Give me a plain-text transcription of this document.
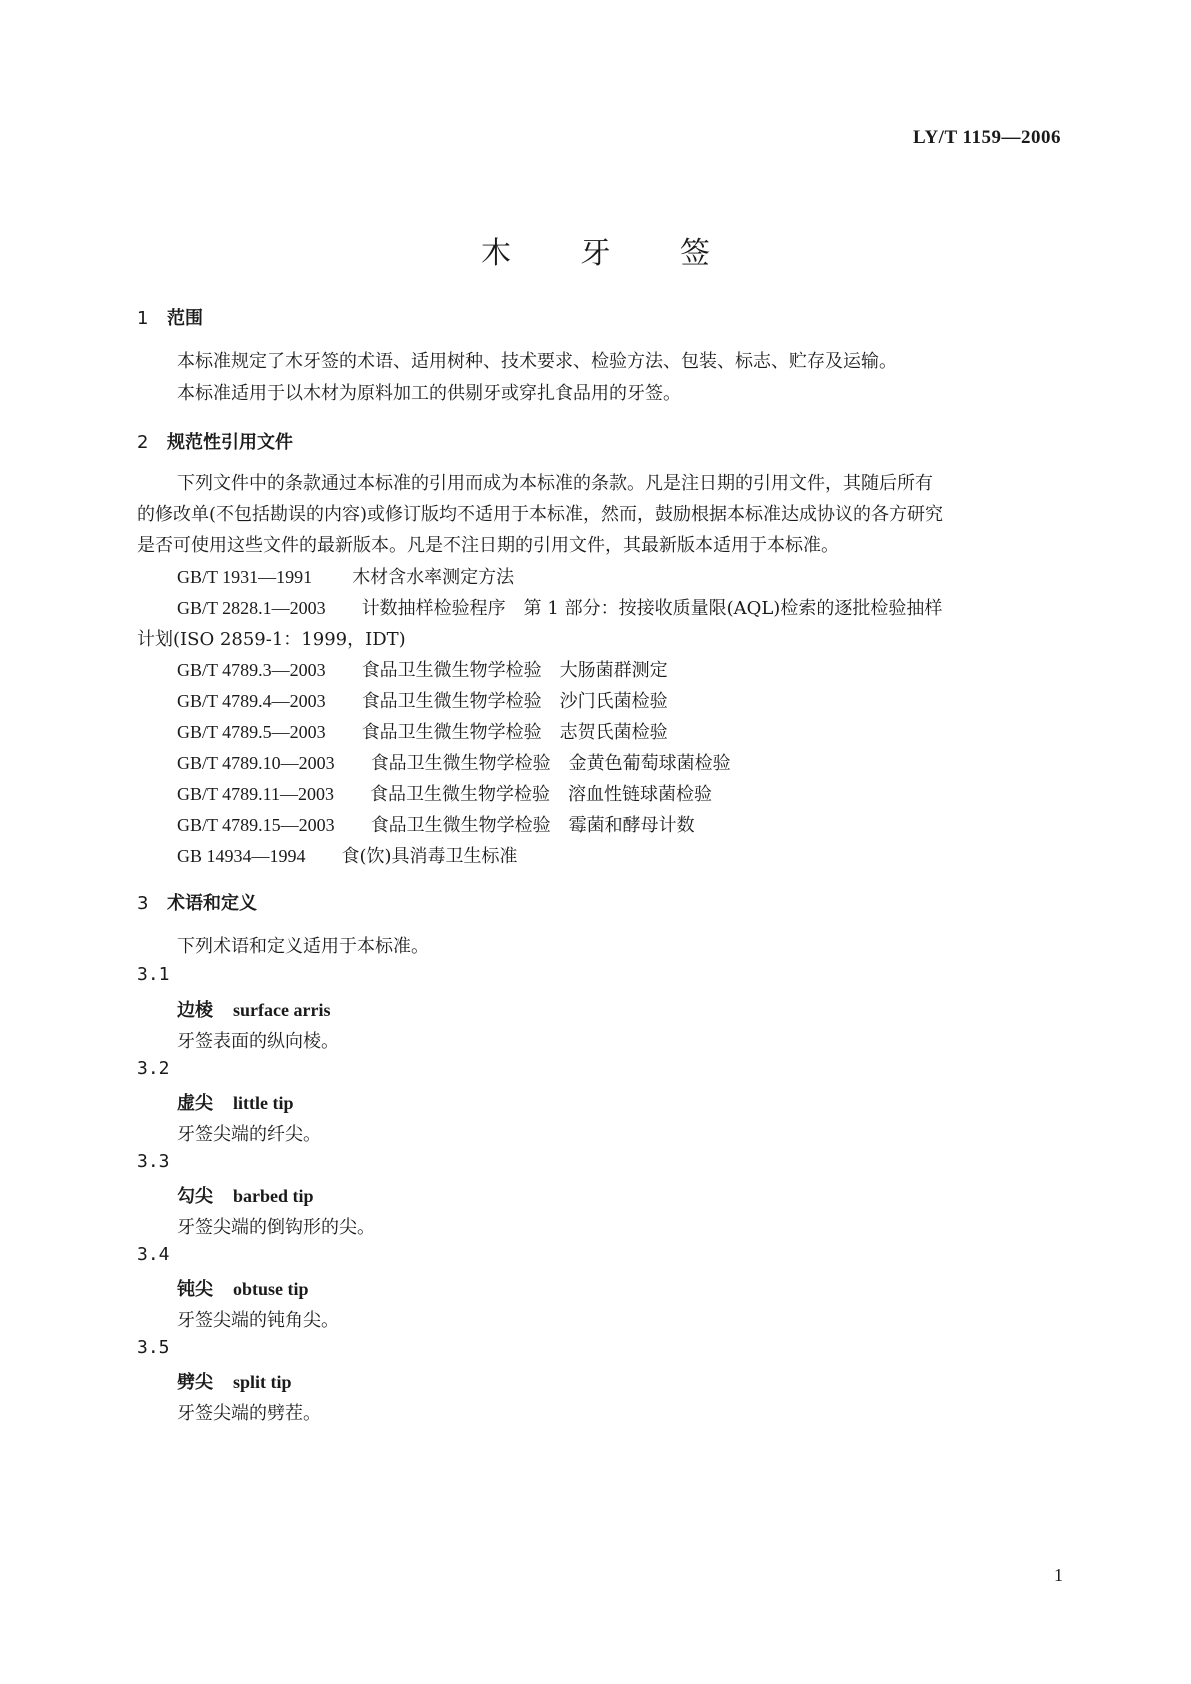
LY/T 1159—2006
木 牙 签
1 范围
本标准规定了木牙签的术语、适用树种、技术要求、检验方法、包装、标志、贮存及运输。
本标准适用于以木材为原料加工的供剔牙或穿扎食品用的牙签。
2 规范性引用文件
下列文件中的条款通过本标准的引用而成为本标准的条款。凡是注日期的引用文件，其随后所有
的修改单(不包括勘误的内容)或修订版均不适用于本标准，然而，鼓励根据本标准达成协议的各方研究
是否可使用这些文件的最新版本。凡是不注日期的引用文件，其最新版本适用于本标准。
GB/T 1931—1991 木材含水率测定方法
GB/T 2828.1—2003 计数抽样检验程序　第 1 部分：按接收质量限(AQL)检索的逐批检验抽样
计划(ISO 2859-1：1999，IDT)
GB/T 4789.3—2003 食品卫生微生物学检验　大肠菌群测定
GB/T 4789.4—2003 食品卫生微生物学检验　沙门氏菌检验
GB/T 4789.5—2003 食品卫生微生物学检验　志贺氏菌检验
GB/T 4789.10—2003 食品卫生微生物学检验　金黄色葡萄球菌检验
GB/T 4789.11—2003 食品卫生微生物学检验　溶血性链球菌检验
GB/T 4789.15—2003 食品卫生微生物学检验　霉菌和酵母计数
GB 14934—1994 食(饮)具消毒卫生标准
3 术语和定义
下列术语和定义适用于本标准。
3.1
边棱 surface arris
牙签表面的纵向棱。
3.2
虚尖 little tip
牙签尖端的纤尖。
3.3
勾尖 barbed tip
牙签尖端的倒钩形的尖。
3.4
钝尖 obtuse tip
牙签尖端的钝角尖。
3.5
劈尖 split tip
牙签尖端的劈茬。
1
